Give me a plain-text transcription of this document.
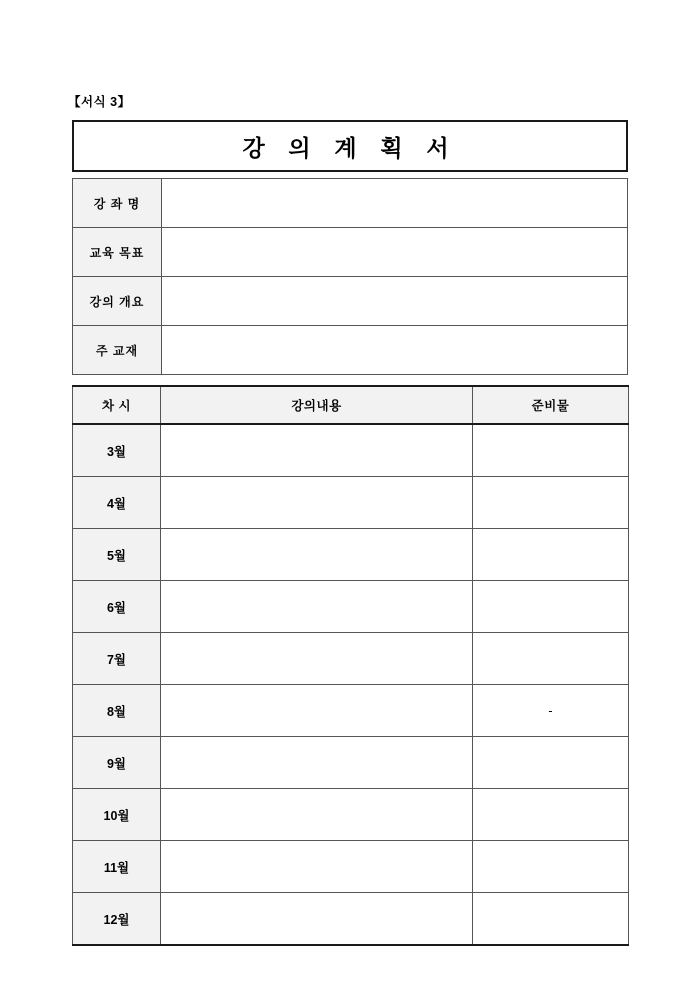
【서식 3】
강 의 계 획 서
강 좌 명	
교육 목표	
강의 개요	
주 교재	
차 시	강의내용	준비물
3월		
4월		
5월		
6월		
7월		
8월		-
9월		
10월		
11월		
12월		
